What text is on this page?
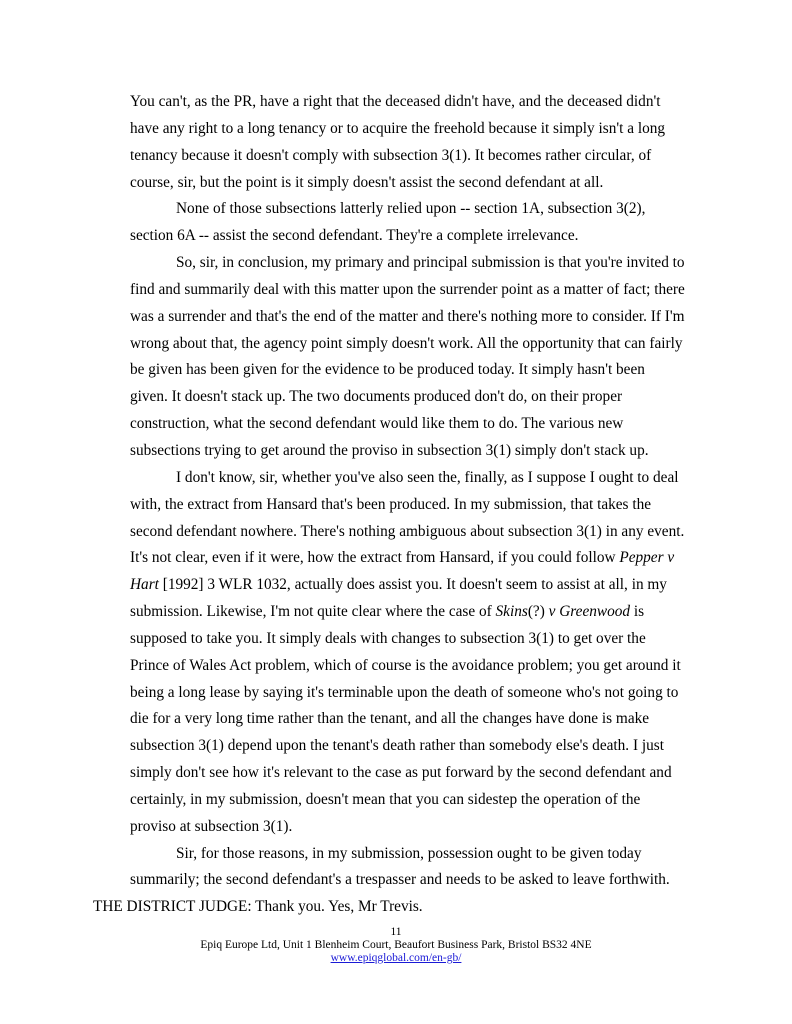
You can't, as the PR, have a right that the deceased didn't have, and the deceased didn't

have any right to a long tenancy or to acquire the freehold because it simply isn't a long

tenancy because it doesn't comply with subsection 3(1). It becomes rather circular, of

course, sir, but the point is it simply doesn't assist the second defendant at all.

None of those subsections latterly relied upon -- section 1A, subsection 3(2),

section 6A -- assist the second defendant. They're a complete irrelevance.

So, sir, in conclusion, my primary and principal submission is that you're invited to

find and summarily deal with this matter upon the surrender point as a matter of fact; there

was a surrender and that's the end of the matter and there's nothing more to consider. If I'm

wrong about that, the agency point simply doesn't work. All the opportunity that can fairly

be given has been given for the evidence to be produced today. It simply hasn't been

given. It doesn't stack up. The two documents produced don't do, on their proper

construction, what the second defendant would like them to do. The various new

subsections trying to get around the proviso in subsection 3(1) simply don't stack up.

I don't know, sir, whether you've also seen the, finally, as I suppose I ought to deal

with, the extract from Hansard that's been produced. In my submission, that takes the

second defendant nowhere. There's nothing ambiguous about subsection 3(1) in any event.

It's not clear, even if it were, how the extract from Hansard, if you could follow Pepper v

Hart [1992] 3 WLR 1032, actually does assist you. It doesn't seem to assist at all, in my

submission. Likewise, I'm not quite clear where the case of Skins(?) v Greenwood is

supposed to take you. It simply deals with changes to subsection 3(1) to get over the

Prince of Wales Act problem, which of course is the avoidance problem; you get around it

being a long lease by saying it's terminable upon the death of someone who's not going to

die for a very long time rather than the tenant, and all the changes have done is make

subsection 3(1) depend upon the tenant's death rather than somebody else's death. I just

simply don't see how it's relevant to the case as put forward by the second defendant and

certainly, in my submission, doesn't mean that you can sidestep the operation of the

proviso at subsection 3(1).

Sir, for those reasons, in my submission, possession ought to be given today

summarily; the second defendant's a trespasser and needs to be asked to leave forthwith.

THE DISTRICT JUDGE: Thank you. Yes, Mr Trevis.
11
Epiq Europe Ltd, Unit 1 Blenheim Court, Beaufort Business Park, Bristol BS32 4NE
www.epiqglobal.com/en-gb/
